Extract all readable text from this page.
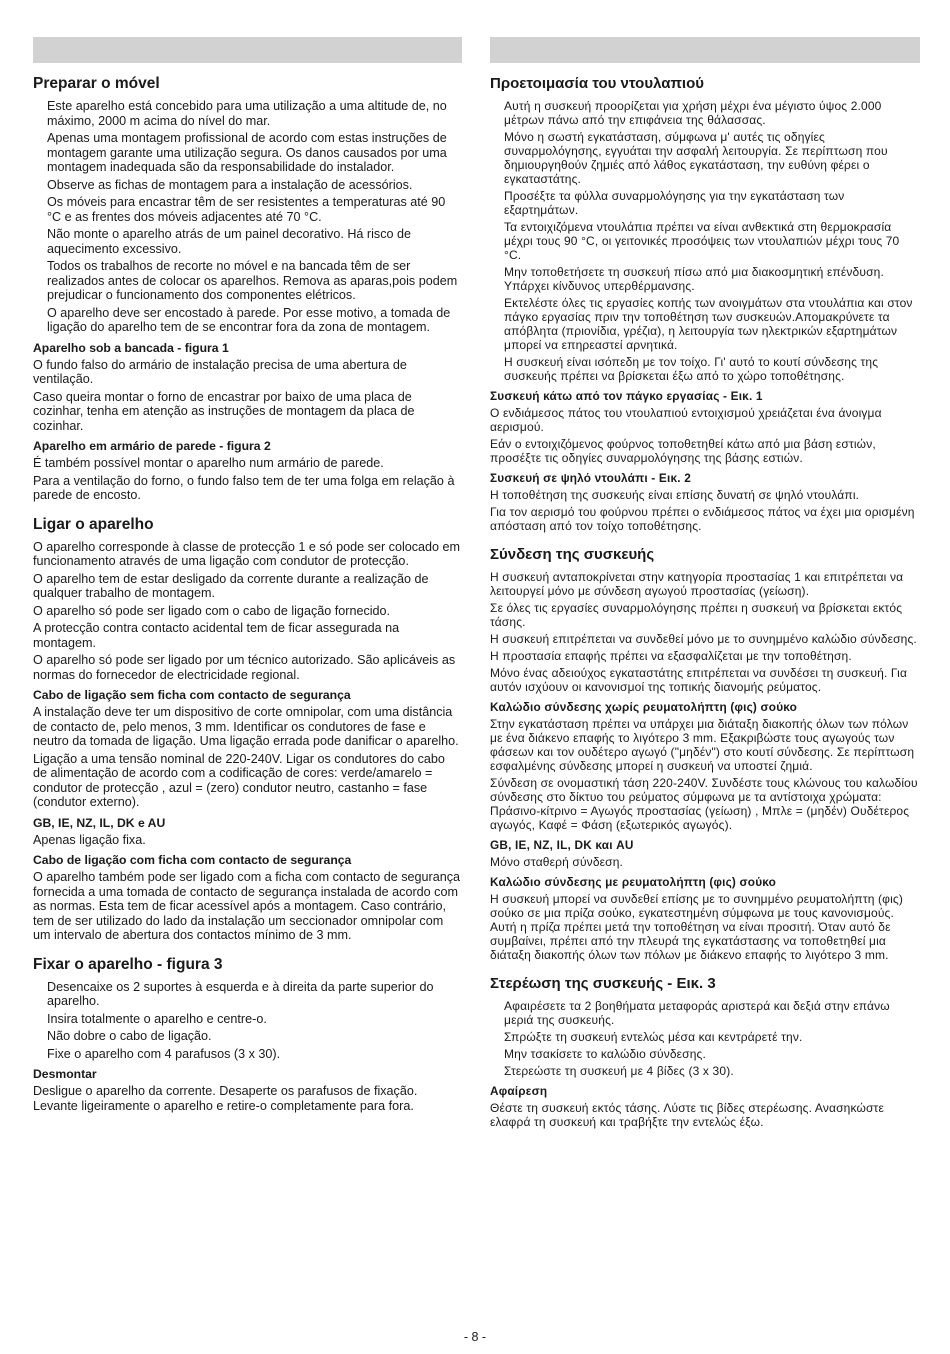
Preparar o móvel

Este aparelho está concebido para uma utilização a uma altitude de, no máximo, 2000 m acima do nível do mar.

Apenas uma montagem profissional de acordo com estas instruções de montagem garante uma utilização segura. Os danos causados por uma montagem inadequada são da responsabilidade do instalador.

Observe as fichas de montagem para a instalação de acessórios.

Os móveis para encastrar têm de ser resistentes a temperaturas até 90 °C e as frentes dos móveis adjacentes até 70 °C.

Não monte o aparelho atrás de um painel decorativo. Há risco de aquecimento excessivo.

Todos os trabalhos de recorte no móvel e na bancada têm de ser realizados antes de colocar os aparelhos. Remova as aparas,pois podem prejudicar o funcionamento dos componentes elétricos.

O aparelho deve ser encostado à parede. Por esse motivo, a tomada de ligação do aparelho tem de se encontrar fora da zona de montagem.

Aparelho sob a bancada - figura 1

O fundo falso do armário de instalação precisa de uma abertura de ventilação.

Caso queira montar o forno de encastrar por baixo de uma placa de cozinhar, tenha em atenção as instruções de montagem da placa de cozinhar.

Aparelho em armário de parede - figura 2

É também possível montar o aparelho num armário de parede.

Para a ventilação do forno, o fundo falso tem de ter uma folga em relação à parede de encosto.

Ligar o aparelho

O aparelho corresponde à classe de protecção 1 e só pode ser colocado em funcionamento através de uma ligação com condutor de protecção.

O aparelho tem de estar desligado da corrente durante a realização de qualquer trabalho de montagem.

O aparelho só pode ser ligado com o cabo de ligação fornecido.

A protecção contra contacto acidental tem de ficar assegurada na montagem.

O aparelho só pode ser ligado por um técnico autorizado. São aplicáveis as normas do fornecedor de electricidade regional.

Cabo de ligação sem ficha com contacto de segurança

A instalação deve ter um dispositivo de corte omnipolar, com uma distância de contacto de, pelo menos, 3 mm. Identificar os condutores de fase e neutro da tomada de ligação. Uma ligação errada pode danificar o aparelho.

Ligação a uma tensão nominal de 220-240V. Ligar os condutores do cabo de alimentação de acordo com a codificação de cores: verde/amarelo = condutor de protecção , azul = (zero) condutor neutro, castanho = fase (condutor externo).

GB, IE, NZ, IL, DK e AU

Apenas ligação fixa.

Cabo de ligação com ficha com contacto de segurança

O aparelho também pode ser ligado com a ficha com contacto de segurança fornecida a uma tomada de contacto de segurança instalada de acordo com as normas. Esta tem de ficar acessível após a montagem. Caso contrário, tem de ser utilizado do lado da instalação um seccionador omnipolar com um intervalo de abertura dos contactos mínimo de 3 mm.

Fixar o aparelho - figura 3

Desencaixe os 2 suportes à esquerda e à direita da parte superior do aparelho.

Insira totalmente o aparelho e centre-o.

Não dobre o cabo de ligação.

Fixe o aparelho com 4 parafusos (3 x 30).

Desmontar

Desligue o aparelho da corrente. Desaperte os parafusos de fixação. Levante ligeiramente o aparelho e retire-o completamente para fora.

Προετοιμασία του ντουλαπιού

Αυτή η συσκευή προορίζεται για χρήση μέχρι ένα μέγιστο ύψος 2.000 μέτρων πάνω από την επιφάνεια της θάλασσας.

Μόνο η σωστή εγκατάσταση, σύμφωνα μ' αυτές τις οδηγίες συναρμολόγησης, εγγυάται την ασφαλή λειτουργία. Σε περίπτωση που δημιουργηθούν ζημιές από λάθος εγκατάσταση, την ευθύνη φέρει ο εγκαταστάτης.

Προσέξτε τα φύλλα συναρμολόγησης για την εγκατάσταση των εξαρτημάτων.

Τα εντοιχιζόμενα ντουλάπια πρέπει να είναι ανθεκτικά στη θερμοκρασία μέχρι τους 90 °C, οι γειτονικές προσόψεις των ντουλαπιών μέχρι τους 70 °C.

Μην τοποθετήσετε τη συσκευή πίσω από μια διακοσμητική επένδυση. Υπάρχει κίνδυνος υπερθέρμανσης.

Εκτελέστε όλες τις εργασίες κοπής των ανοιγμάτων στα ντουλάπια και στον πάγκο εργασίας πριν την τοποθέτηση των συσκευών.Απομακρύνετε τα απόβλητα (πριονίδια, γρέζια), η λειτουργία των ηλεκτρικών εξαρτημάτων μπορεί να επηρεαστεί αρνητικά.

Η συσκευή είναι ισόπεδη με τον τοίχο. Γι' αυτό το κουτί σύνδεσης της συσκευής πρέπει να βρίσκεται έξω από το χώρο τοποθέτησης.

Συσκευή κάτω από τον πάγκο εργασίας - Εικ. 1

Ο ενδιάμεσος πάτος του ντουλαπιού εντοιχισμού χρειάζεται ένα άνοιγμα αερισμού.

Εάν ο εντοιχιζόμενος φούρνος τοποθετηθεί κάτω από μια βάση εστιών, προσέξτε τις οδηγίες συναρμολόγησης της βάσης εστιών.

Συσκευή σε ψηλό ντουλάπι - Εικ. 2

Η τοποθέτηση της συσκευής είναι επίσης δυνατή σε ψηλό ντουλάπι.

Για τον αερισμό του φούρνου πρέπει ο ενδιάμεσος πάτος να έχει μια ορισμένη απόσταση από τον τοίχο τοποθέτησης.

Σύνδεση της συσκευής

Η συσκευή ανταποκρίνεται στην κατηγορία προστασίας 1 και επιτρέπεται να λειτουργεί μόνο με σύνδεση αγωγού προστασίας (γείωση).

Σε όλες τις εργασίες συναρμολόγησης πρέπει η συσκευή να βρίσκεται εκτός τάσης.

Η συσκευή επιτρέπεται να συνδεθεί μόνο με το συνημμένο καλώδιο σύνδεσης.

Η προστασία επαφής πρέπει να εξασφαλίζεται με την τοποθέτηση.

Μόνο ένας αδειούχος εγκαταστάτης επιτρέπεται να συνδέσει τη συσκευή. Για αυτόν ισχύουν οι κανονισμοί της τοπικής διανομής ρεύματος.

Καλώδιο σύνδεσης χωρίς ρευματολήπτη (φις) σούκο

Στην εγκατάσταση πρέπει να υπάρχει μια διάταξη διακοπής όλων των πόλων με ένα διάκενο επαφής το λιγότερο 3 mm. Εξακριβώστε τους αγωγούς των φάσεων και τον ουδέτερο αγωγό ("μηδέν") στο κουτί σύνδεσης. Σε περίπτωση εσφαλμένης σύνδεσης μπορεί η συσκευή να υποστεί ζημιά.

Σύνδεση σε ονομαστική τάση 220-240V. Συνδέστε τους κλώνους του καλωδίου σύνδεσης στο δίκτυο του ρεύματος σύμφωνα με τα αντίστοιχα χρώματα: Πράσινο-κίτρινο = Αγωγός προστασίας (γείωση) , Μπλε = (μηδέν) Ουδέτερος αγωγός, Καφέ = Φάση (εξωτερικός αγωγός).

GB, IE, NZ, IL, DK και AU

Μόνο σταθερή σύνδεση.

Καλώδιο σύνδεσης με ρευματολήπτη (φις) σούκο

Η συσκευή μπορεί να συνδεθεί επίσης με το συνημμένο ρευματολήπτη (φις) σούκο σε μια πρίζα σούκο, εγκατεστημένη σύμφωνα με τους κανονισμούς. Αυτή η πρίζα πρέπει μετά την τοποθέτηση να είναι προσιτή. Όταν αυτό δε συμβαίνει, πρέπει από την πλευρά της εγκατάστασης να τοποθετηθεί μια διάταξη διακοπής όλων των πόλων με διάκενο επαφής το λιγότερο 3 mm.

Στερέωση της συσκευής - Εικ. 3

Αφαιρέσετε τα 2 βοηθήματα μεταφοράς αριστερά και δεξιά στην επάνω μεριά της συσκευής.

Σπρώξτε τη συσκευή εντελώς μέσα και κεντράρετέ την.

Μην τσακίσετε το καλώδιο σύνδεσης.

Στερεώστε τη συσκευή με 4 βίδες (3 x 30).

Αφαίρεση

Θέστε τη συσκευή εκτός τάσης. Λύστε τις βίδες στερέωσης. Ανασηκώστε ελαφρά τη συσκευή και τραβήξτε την εντελώς έξω.

- 8 -
